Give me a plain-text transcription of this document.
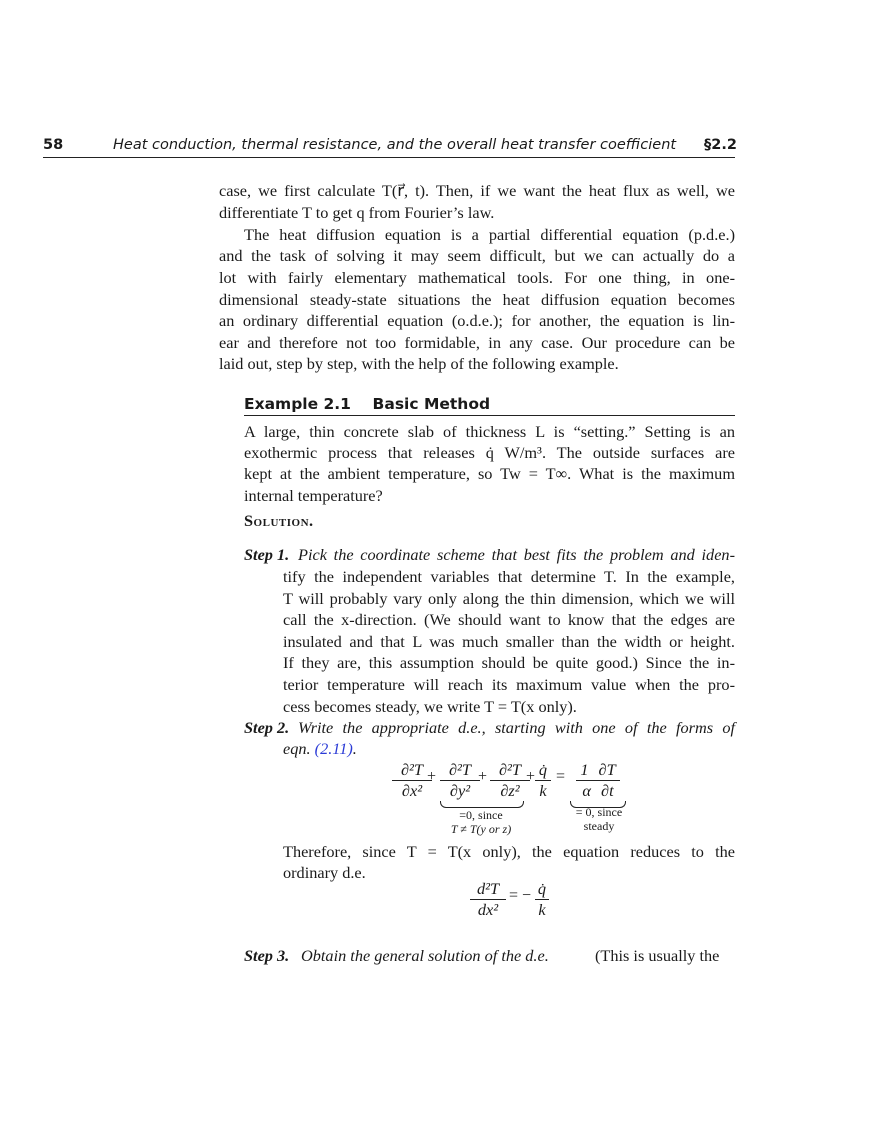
58	Heat conduction, thermal resistance, and the overall heat transfer coefficient §2.2
case, we first calculate T(r⃗, t). Then, if we want the heat flux as well, we
differentiate T to get q from Fourier’s law.
The heat diffusion equation is a partial differential equation (p.d.e.)
and the task of solving it may seem difficult, but we can actually do a
lot with fairly elementary mathematical tools. For one thing, in one-
dimensional steady-state situations the heat diffusion equation becomes
an ordinary differential equation (o.d.e.); for another, the equation is lin-
ear and therefore not too formidable, in any case. Our procedure can be
laid out, step by step, with the help of the following example.
Example 2.1    Basic Method
A large, thin concrete slab of thickness L is “setting.” Setting is an
exothermic process that releases q̇ W/m³. The outside surfaces are
kept at the ambient temperature, so Tw = T∞. What is the maximum
internal temperature?
Solution.
Step 1. Pick the coordinate scheme that best fits the problem and iden-
tify the independent variables that determine T. In the example,
T will probably vary only along the thin dimension, which we will
call the x-direction. (We should want to know that the edges are
insulated and that L was much smaller than the width or height.
If they are, this assumption should be quite good.) Since the in-
terior temperature will reach its maximum value when the pro-
cess becomes steady, we write T = T(x only).
Step 2. Write the appropriate d.e., starting with one of the forms of
eqn. (2.11).
$\frac{\text{∂²T}}{\text{∂x²}}$
+ $\frac{\text{∂²T}}{\text{∂y²}}$
+ $\frac{\text{∂²T}}{\text{∂z²}}$
+ $\frac{q̇}{k} = \frac{1 \partial T}{\alpha \partial t}$
=0, since
T ≠ T(y or z)
= 0, since
steady
Therefore, since T = T(x only), the equation reduces to the
ordinary d.e.
$\frac{\text{d²T}}{\text{dx²}}$ = − $\frac{q̇}{k}$
Step 3. Obtain the general solution of the d.e.	(This is usually the
